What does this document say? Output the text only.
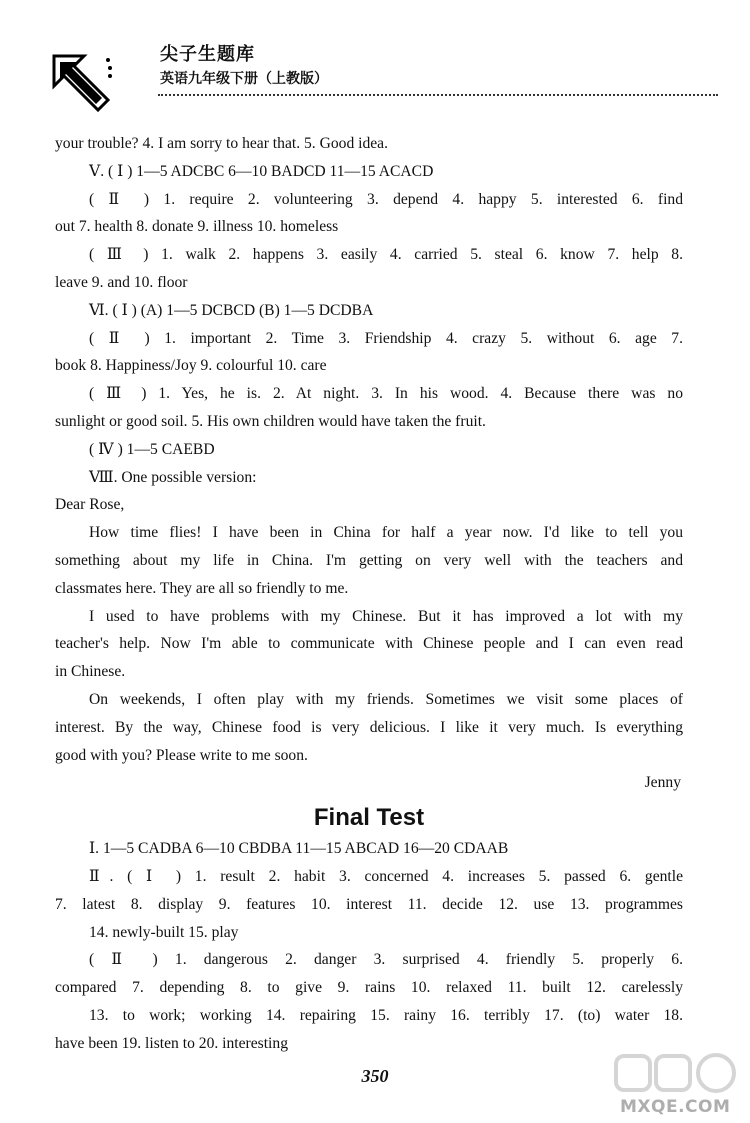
尖子生题库
英语九年级下册（上教版）
your trouble? 4. I am sorry to hear that. 5. Good idea.
Ⅴ. ( Ⅰ ) 1—5 ADCBC 6—10 BADCD 11—15 ACACD
( Ⅱ ) 1. require 2. volunteering 3. depend 4. happy 5. interested 6. find
out 7. health 8. donate 9. illness 10. homeless
( Ⅲ ) 1. walk 2. happens 3. easily 4. carried 5. steal 6. know 7. help 8.
leave 9. and 10. floor
Ⅵ. ( Ⅰ ) (A) 1—5 DCBCD (B) 1—5 DCDBA
( Ⅱ ) 1. important 2. Time 3. Friendship 4. crazy 5. without 6. age 7.
book 8. Happiness/Joy 9. colourful 10. care
( Ⅲ ) 1. Yes, he is. 2. At night. 3. In his wood. 4. Because there was no
sunlight or good soil. 5. His own children would have taken the fruit.
( Ⅳ ) 1—5 CAEBD
Ⅷ. One possible version:
Dear Rose,
How time flies! I have been in China for half a year now. I'd like to tell you
something about my life in China. I'm getting on very well with the teachers and
classmates here. They are all so friendly to me.
I used to have problems with my Chinese. But it has improved a lot with my
teacher's help. Now I'm able to communicate with Chinese people and I can even read
in Chinese.
On weekends, I often play with my friends. Sometimes we visit some places of
interest. By the way, Chinese food is very delicious. I like it very much. Is everything
good with you? Please write to me soon.
Jenny
Final Test
Ⅰ. 1—5 CADBA 6—10 CBDBA 11—15 ABCAD 16—20 CDAAB
Ⅱ. ( Ⅰ ) 1. result 2. habit 3. concerned 4. increases 5. passed 6. gentle
7. latest 8. display 9. features 10. interest 11. decide 12. use 13. programmes
14. newly-built 15. play
( Ⅱ ) 1. dangerous 2. danger 3. surprised 4. friendly 5. properly 6.
compared 7. depending 8. to give 9. rains 10. relaxed 11. built 12. carelessly
13. to work; working 14. repairing 15. rainy 16. terribly 17. (to) water 18.
have been 19. listen to 20. interesting
350
MXQE.COM
